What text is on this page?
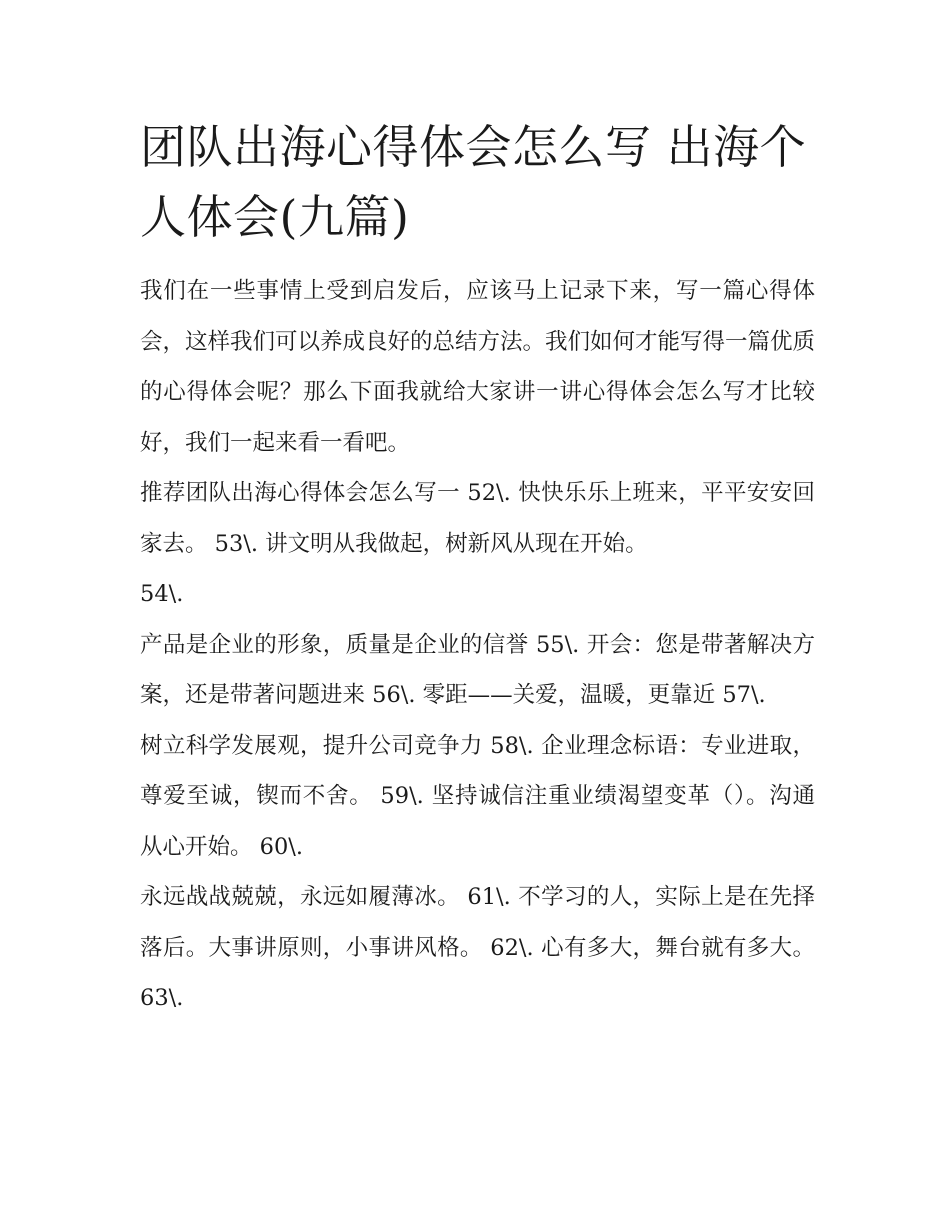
团队出海心得体会怎么写 出海个人体会(九篇)

我们在一些事情上受到启发后，应该马上记录下来，写一篇心得体会，这样我们可以养成良好的总结方法。我们如何才能写得一篇优质的心得体会呢？那么下面我就给大家讲一讲心得体会怎么写才比较好，我们一起来看一看吧。

推荐团队出海心得体会怎么写一 52\. 快快乐乐上班来，平平安安回家去。 53\. 讲文明从我做起，树新风从现在开始。
54\.

产品是企业的形象，质量是企业的信誉 55\. 开会：您是带著解决方案，还是带著问题进来 56\. 零距——关爱，温暖，更靠近 57\.

树立科学发展观，提升公司竞争力 58\. 企业理念标语：专业进取，尊爱至诚，锲而不舍。 59\. 坚持诚信注重业绩渴望变革（）。沟通从心开始。 60\.

永远战战兢兢，永远如履薄冰。 61\. 不学习的人，实际上是在先择落后。大事讲原则，小事讲风格。 62\. 心有多大，舞台就有多大。 63\.
